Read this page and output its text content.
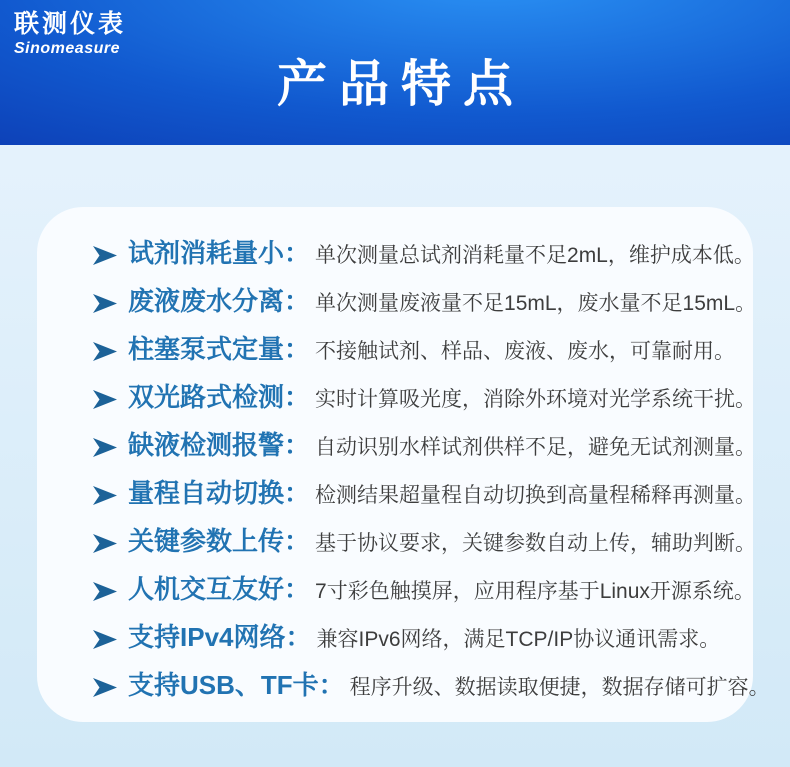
联测仪表
Sinomeasure
产品特点
试剂消耗量小： 单次测量总试剂消耗量不足2mL，维护成本低。
废液废水分离： 单次测量废液量不足15mL，废水量不足15mL。
柱塞泵式定量： 不接触试剂、样品、废液、废水，可靠耐用。
双光路式检测： 实时计算吸光度，消除外环境对光学系统干扰。
缺液检测报警： 自动识别水样试剂供样不足，避免无试剂测量。
量程自动切换： 检测结果超量程自动切换到高量程稀释再测量。
关键参数上传： 基于协议要求，关键参数自动上传，辅助判断。
人机交互友好： 7寸彩色触摸屏，应用程序基于Linux开源系统。
支持IPv4网络： 兼容IPv6网络，满足TCP/IP协议通讯需求。
支持USB、TF卡： 程序升级、数据读取便捷，数据存储可扩容。
